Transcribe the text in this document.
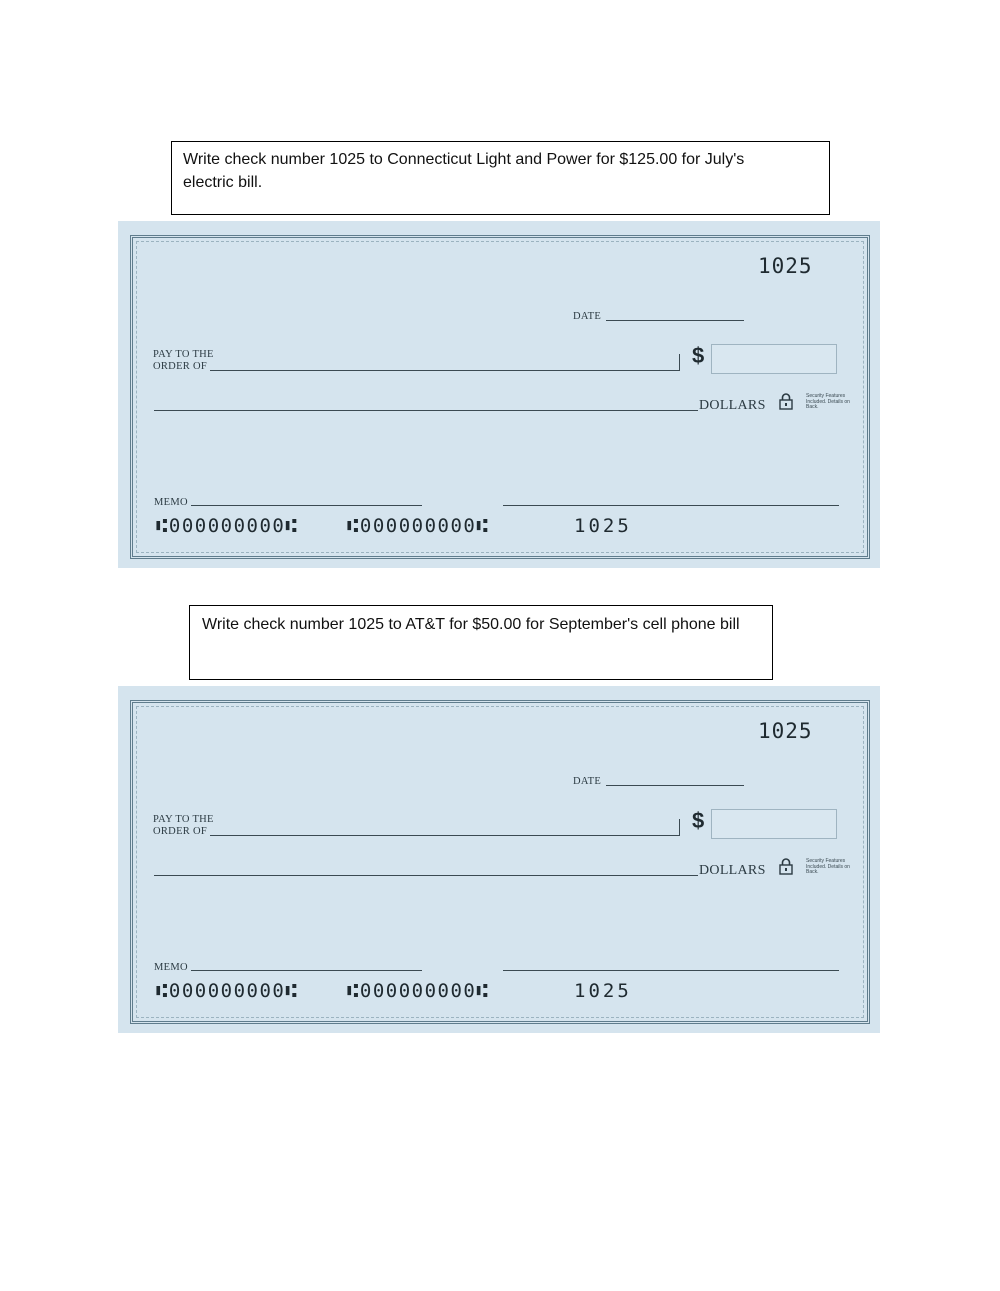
Write check number 1025 to Connecticut Light and Power for $125.00 for July's electric bill.
1025
DATE
PAY TO THE
ORDER OF	$
DOLLARS
Security Features Included. Details on Back.
MEMO
⑆000000000⑆	⑆000000000⑆	1025
Write check number 1025 to AT&T for $50.00 for September's cell phone bill
1025
DATE
PAY TO THE
ORDER OF	$
DOLLARS
Security Features Included. Details on Back.
MEMO
⑆000000000⑆	⑆000000000⑆	1025
